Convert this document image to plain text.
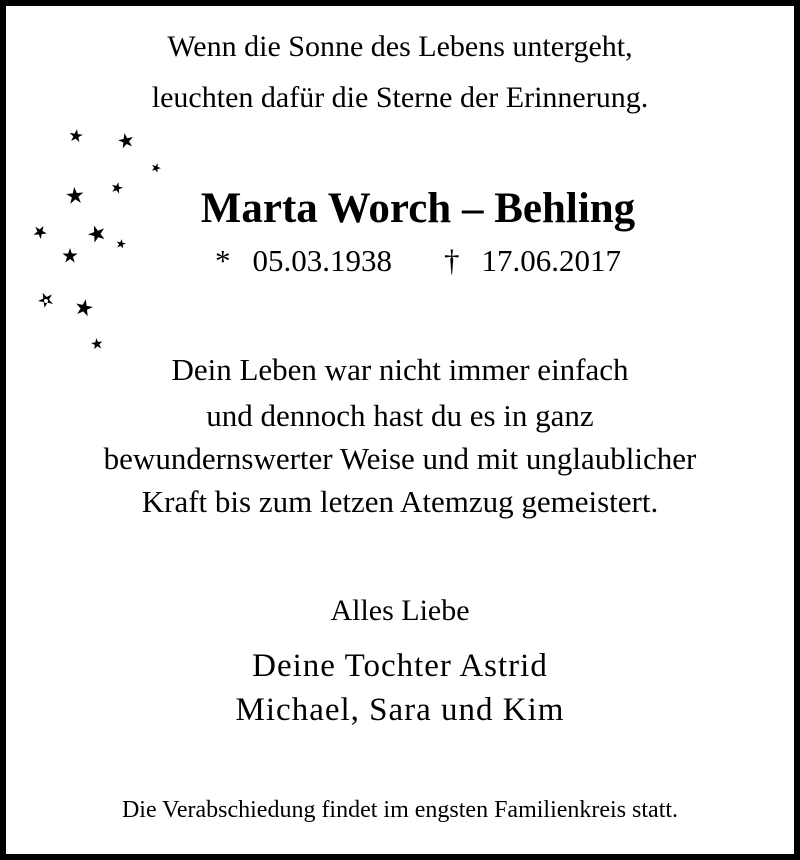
Wenn die Sonne des Lebens untergeht,
leuchten dafür die Sterne der Erinnerung.
Marta Worch – Behling
* 05.03.1938 † 17.06.2017
Dein Leben war nicht immer einfach
und dennoch hast du es in ganz
bewundernswerter Weise und mit unglaublicher
Kraft bis zum letzen Atemzug gemeistert.
Alles Liebe
Deine Tochter Astrid
Michael, Sara und Kim
Die Verabschiedung findet im engsten Familienkreis statt.
